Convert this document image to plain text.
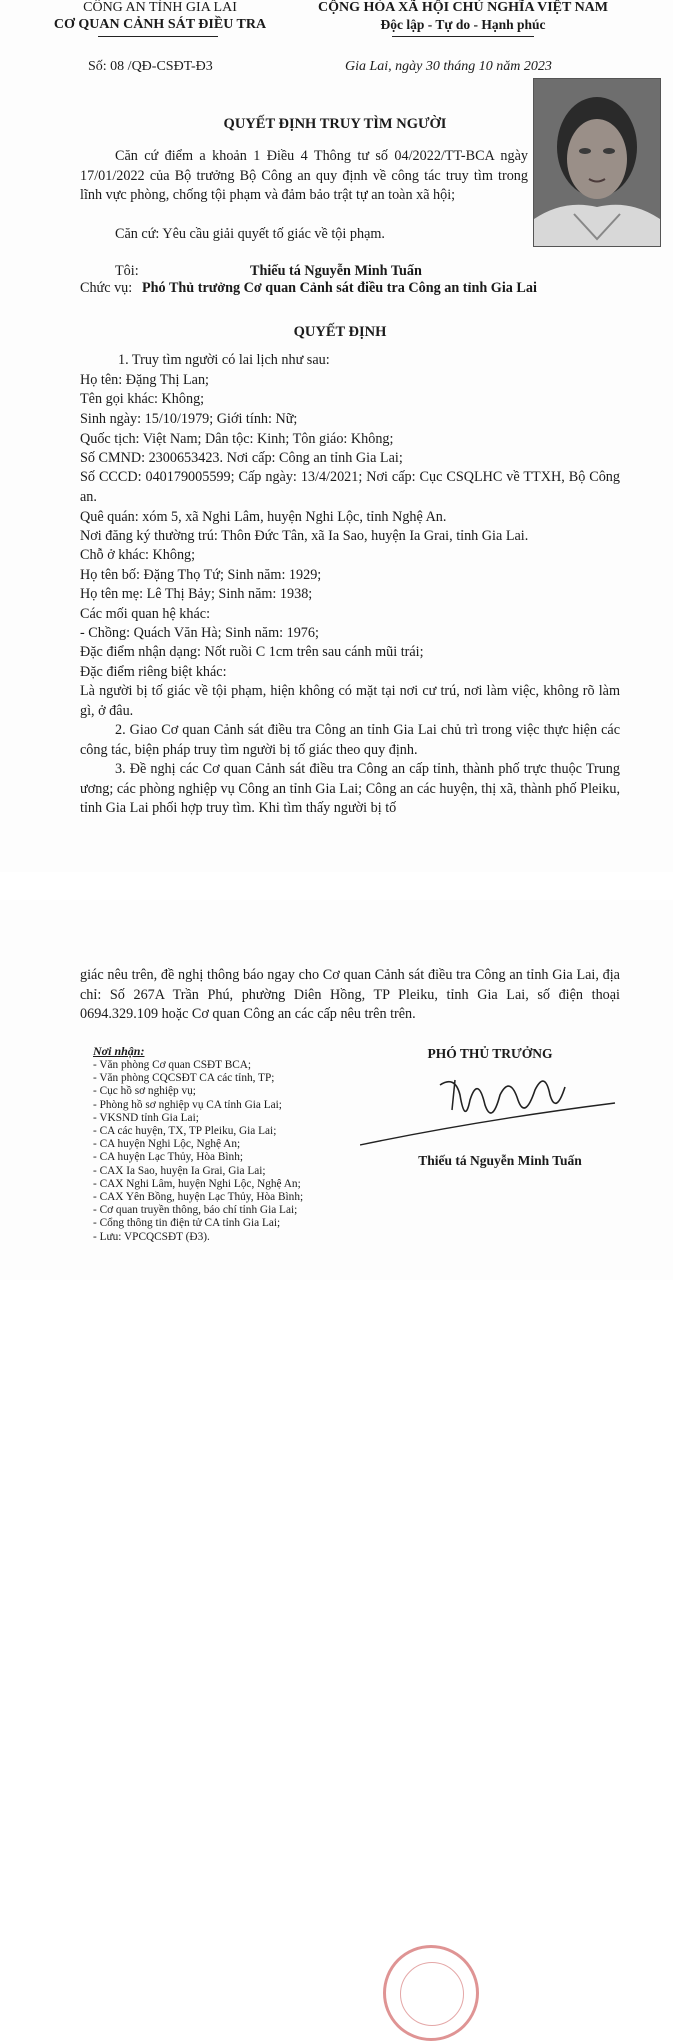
CÔNG AN TỈNH GIA LAI
CƠ QUAN CẢNH SÁT ĐIỀU TRA
CỘNG HÒA XÃ HỘI CHỦ NGHĨA VIỆT NAM
Độc lập - Tự do - Hạnh phúc
Số: 08 /QĐ-CSĐT-Đ3	Gia Lai, ngày 30 tháng 10 năm 2023
QUYẾT ĐỊNH TRUY TÌM NGƯỜI
Căn cứ điểm a khoản 1 Điều 4 Thông tư số 04/2022/TT-BCA ngày 17/01/2022 của Bộ trưởng Bộ Công an quy định về công tác truy tìm trong lĩnh vực phòng, chống tội phạm và đảm bảo trật tự an toàn xã hội;
Căn cứ: Yêu cầu giải quyết tố giác về tội phạm.
Tôi:	Thiếu tá Nguyễn Minh Tuấn
Chức vụ: Phó Thủ trưởng Cơ quan Cảnh sát điều tra Công an tỉnh Gia Lai
QUYẾT ĐỊNH
1. Truy tìm người có lai lịch như sau:
Họ tên: Đặng Thị Lan;
Tên gọi khác: Không;
Sinh ngày: 15/10/1979; Giới tính: Nữ;
Quốc tịch: Việt Nam; Dân tộc: Kinh; Tôn giáo: Không;
Số CMND: 230065​3423. Nơi cấp: Công an tỉnh Gia Lai;
Số CCCD: 040179005599; Cấp ngày: 13/4/2021; Nơi cấp: Cục CSQLHC về TTXH, Bộ Công an.
Quê quán: xóm 5, xã Nghi Lâm, huyện Nghi Lộc, tỉnh Nghệ An.
Nơi đăng ký thường trú: Thôn Đức Tân, xã Ia Sao, huyện Ia Grai, tỉnh Gia Lai.
Chỗ ở khác: Không;
Họ tên bố: Đặng Thọ Tứ; Sinh năm: 1929;
Họ tên mẹ: Lê Thị Bảy; Sinh năm: 1938;
Các mối quan hệ khác:
- Chồng: Quách Văn Hà; Sinh năm: 1976;
Đặc điểm nhận dạng: Nốt ruồi C 1cm trên sau cánh mũi trái;
Đặc điểm riêng biệt khác:
Là người bị tố giác về tội phạm, hiện không có mặt tại nơi cư trú, nơi làm việc, không rõ làm gì, ở đâu.
2. Giao Cơ quan Cảnh sát điều tra Công an tỉnh Gia Lai chủ trì trong việc thực hiện các công tác, biện pháp truy tìm người bị tố giác theo quy định.
3. Đề nghị các Cơ quan Cảnh sát điều tra Công an cấp tỉnh, thành phố trực thuộc Trung ương; các phòng nghiệp vụ Công an tỉnh Gia Lai; Công an các huyện, thị xã, thành phố Pleiku, tỉnh Gia Lai phối hợp truy tìm. Khi tìm thấy người bị tố
giác nêu trên, đề nghị thông báo ngay cho Cơ quan Cảnh sát điều tra Công an tỉnh Gia Lai, địa chỉ: Số 267A Trần Phú, phường Diên Hồng, TP Pleiku, tỉnh Gia Lai, số điện thoại 0694.329.109 hoặc Cơ quan Công an các cấp nêu trên trên.
Nơi nhận:
- Văn phòng Cơ quan CSĐT BCA;
- Văn phòng CQCSĐT CA các tỉnh, TP;
- Cục hồ sơ nghiệp vụ;
- Phòng hồ sơ nghiệp vụ CA tỉnh Gia Lai;
- VKSND tỉnh Gia Lai;
- CA các huyện, TX, TP Pleiku, Gia Lai;
- CA huyện Nghi Lộc, Nghệ An;
- CA huyện Lạc Thủy, Hòa Bình;
- CAX Ia Sao, huyện Ia Grai, Gia Lai;
- CAX Nghi Lâm, huyện Nghi Lộc, Nghệ An;
- CAX Yên Bồng, huyện Lạc Thủy, Hòa Bình;
- Cơ quan truyền thông, báo chí tỉnh Gia Lai;
- Cổng thông tin điện tử CA tỉnh Gia Lai;
- Lưu: VPCQCSĐT (Đ3).
PHÓ THỦ TRƯỞNG
Thiếu tá Nguyễn Minh Tuấn
